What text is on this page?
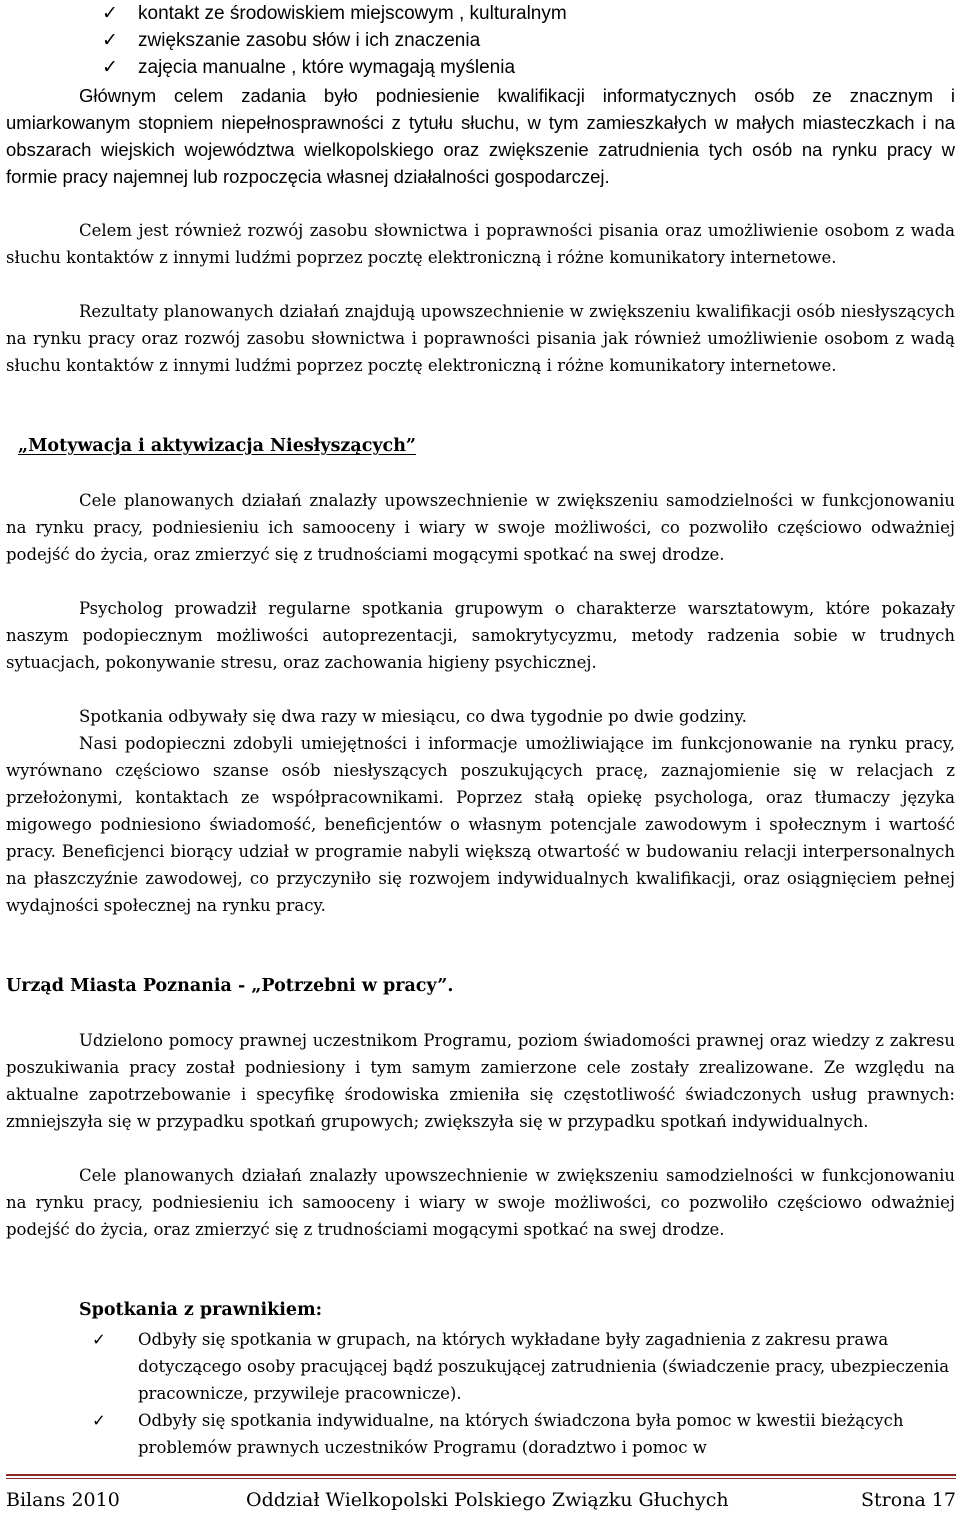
✓ kontakt ze środowiskiem miejscowym , kulturalnym
✓ zwiększanie zasobu słów i ich znaczenia
✓ zajęcia manualne , które wymagają myślenia

Głównym celem zadania było podniesienie kwalifikacji informatycznych osób ze znacznym i umiarkowanym stopniem niepełnosprawności z tytułu słuchu, w tym zamieszkałych w małych miasteczkach i na obszarach wiejskich województwa wielkopolskiego oraz zwiększenie zatrudnienia tych osób na rynku pracy w formie pracy najemnej lub rozpoczęcia własnej działalności gospodarczej.

Celem jest również rozwój zasobu słownictwa i poprawności pisania oraz umożliwienie osobom z wada słuchu kontaktów z innymi ludźmi poprzez pocztę elektroniczną i różne komunikatory internetowe.

Rezultaty planowanych działań znajdują upowszechnienie w zwiększeniu kwalifikacji osób niesłyszących na rynku pracy oraz rozwój zasobu słownictwa i poprawności pisania jak również umożliwienie osobom z wadą słuchu kontaktów z innymi ludźmi poprzez pocztę elektroniczną i różne komunikatory internetowe.

„Motywacja i aktywizacja Niesłyszących”

Cele planowanych działań znalazły upowszechnienie w zwiększeniu samodzielności w funkcjonowaniu na rynku pracy, podniesieniu ich samooceny i wiary w swoje możliwości, co pozwoliło częściowo odważniej podejść do życia, oraz zmierzyć się z trudnościami mogącymi spotkać na swej drodze.

Psycholog prowadził regularne spotkania grupowym o charakterze warsztatowym, które pokazały naszym podopiecznym możliwości autoprezentacji, samokrytycyzmu, metody radzenia sobie w trudnych sytuacjach, pokonywanie stresu, oraz zachowania higieny psychicznej.

Spotkania odbywały się dwa razy w miesiącu, co dwa tygodnie po dwie godziny.

Nasi podopieczni zdobyli umiejętności i informacje umożliwiające im funkcjonowanie na rynku pracy, wyrównano częściowo szanse osób niesłyszących poszukujących pracę, zaznajomienie się w relacjach z przełożonymi, kontaktach ze współpracownikami. Poprzez stałą opiekę psychologa, oraz tłumaczy języka migowego podniesiono świadomość, beneficjentów o własnym potencjale zawodowym i społecznym i wartość pracy. Beneficjenci biorący udział w programie nabyli większą otwartość w budowaniu relacji interpersonalnych na płaszczyźnie zawodowej, co przyczyniło się rozwojem indywidualnych kwalifikacji, oraz osiągnięciem pełnej wydajności społecznej na rynku pracy.

Urząd Miasta Poznania - „Potrzebni w pracy”.

Udzielono pomocy prawnej uczestnikom Programu, poziom świadomości prawnej oraz wiedzy z zakresu poszukiwania pracy został podniesiony i tym samym zamierzone cele zostały zrealizowane. Ze względu na aktualne zapotrzebowanie i specyfikę środowiska zmieniła się częstotliwość świadczonych usług prawnych: zmniejszyła się w przypadku spotkań grupowych; zwiększyła się w przypadku spotkań indywidualnych.

Cele planowanych działań znalazły upowszechnienie w zwiększeniu samodzielności w funkcjonowaniu na rynku pracy, podniesieniu ich samooceny i wiary w swoje możliwości, co pozwoliło częściowo odważniej podejść do życia, oraz zmierzyć się z trudnościami mogącymi spotkać na swej drodze.

Spotkania z prawnikiem:
✓ Odbyły się spotkania w grupach, na których wykładane były zagadnienia z zakresu prawa dotyczącego osoby pracującej bądź poszukującej zatrudnienia (świadczenie pracy, ubezpieczenia pracownicze, przywileje pracownicze).
✓ Odbyły się spotkania indywidualne, na których świadczona była pomoc w kwestii bieżących problemów prawnych uczestników Programu (doradztwo i pomoc w
Bilans 2010	Oddział Wielkopolski Polskiego Związku Głuchych	Strona 17
